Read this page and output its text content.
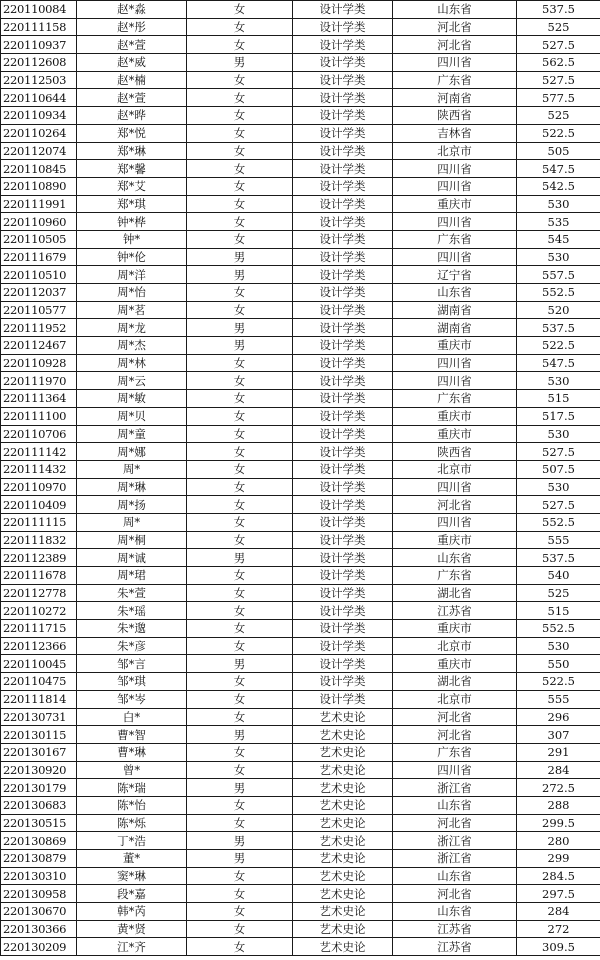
220110084	赵*淼	女	设计学类	山东省	537.5
220111158	赵*彤	女	设计学类	河北省	525
220110937	赵*萱	女	设计学类	河北省	527.5
220112608	赵*威	男	设计学类	四川省	562.5
220112503	赵*楠	女	设计学类	广东省	527.5
220110644	赵*萱	女	设计学类	河南省	577.5
220110934	赵*晔	女	设计学类	陕西省	525
220110264	郑*悦	女	设计学类	吉林省	522.5
220112074	郑*琳	女	设计学类	北京市	505
220110845	郑*馨	女	设计学类	四川省	547.5
220110890	郑*艾	女	设计学类	四川省	542.5
220111991	郑*琪	女	设计学类	重庆市	530
220110960	钟*桦	女	设计学类	四川省	535
220110505	钟*	女	设计学类	广东省	545
220111679	钟*伦	男	设计学类	四川省	530
220110510	周*洋	男	设计学类	辽宁省	557.5
220112037	周*怡	女	设计学类	山东省	552.5
220110577	周*茗	女	设计学类	湖南省	520
220111952	周*龙	男	设计学类	湖南省	537.5
220112467	周*杰	男	设计学类	重庆市	522.5
220110928	周*林	女	设计学类	四川省	547.5
220111970	周*云	女	设计学类	四川省	530
220111364	周*敏	女	设计学类	广东省	515
220111100	周*贝	女	设计学类	重庆市	517.5
220110706	周*童	女	设计学类	重庆市	530
220111142	周*娜	女	设计学类	陕西省	527.5
220111432	周*	女	设计学类	北京市	507.5
220110970	周*琳	女	设计学类	四川省	530
220110409	周*扬	女	设计学类	河北省	527.5
220111115	周*	女	设计学类	四川省	552.5
220111832	周*桐	女	设计学类	重庆市	555
220112389	周*诚	男	设计学类	山东省	537.5
220111678	周*珺	女	设计学类	广东省	540
220112778	朱*萱	女	设计学类	湖北省	525
220110272	朱*瑶	女	设计学类	江苏省	515
220111715	朱*邈	女	设计学类	重庆市	552.5
220112366	朱*彦	女	设计学类	北京市	530
220110045	邹*言	男	设计学类	重庆市	550
220110475	邹*琪	女	设计学类	湖北省	522.5
220111814	邹*岑	女	设计学类	北京市	555
220130731	白*	女	艺术史论	河北省	296
220130115	曹*智	男	艺术史论	河北省	307
220130167	曹*琳	女	艺术史论	广东省	291
220130920	曾*	女	艺术史论	四川省	284
220130179	陈*瑞	男	艺术史论	浙江省	272.5
220130683	陈*怡	女	艺术史论	山东省	288
220130515	陈*烁	女	艺术史论	河北省	299.5
220130869	丁*浩	男	艺术史论	浙江省	280
220130879	董*	男	艺术史论	浙江省	299
220130310	窦*琳	女	艺术史论	山东省	284.5
220130958	段*嘉	女	艺术史论	河北省	297.5
220130670	韩*芮	女	艺术史论	山东省	284
220130366	黄*贤	女	艺术史论	江苏省	272
220130209	江*齐	女	艺术史论	江苏省	309.5
